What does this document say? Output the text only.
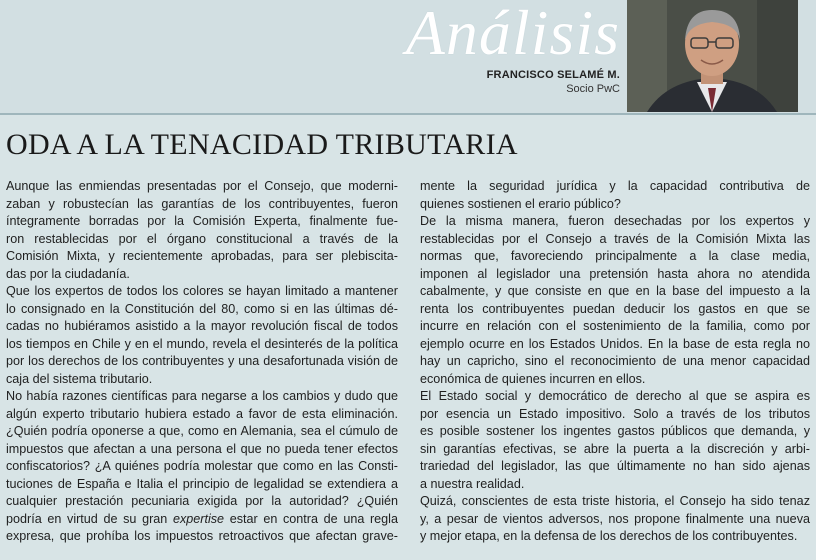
Análisis
FRANCISCO SELAMÉ M.
Socio PwC
ODA A LA TENACIDAD TRIBUTARIA
Aunque las enmiendas presentadas por el Consejo, que moderni-
zaban y robustecían las garantías de los contribuyentes, fueron
íntegramente borradas por la Comisión Experta, finalmente fue-
ron restablecidas por el órgano constitucional a través de la
Comisión Mixta, y recientemente aprobadas, para ser plebiscita-
das por la ciudadanía.
Que los expertos de todos los colores se hayan limitado a mantener
lo consignado en la Constitución del 80, como si en las últimas dé-
cadas no hubiéramos asistido a la mayor revolución fiscal de todos
los tiempos en Chile y en el mundo, revela el desinterés de la política
por los derechos de los contribuyentes y una desafortunada visión de
caja del sistema tributario.
No había razones científicas para negarse a los cambios y dudo que
algún experto tributario hubiera estado a favor de esta eliminación.
¿Quién podría oponerse a que, como en Alemania, sea el cúmulo de
impuestos que afectan a una persona el que no pueda tener efectos
confiscatorios? ¿A quiénes podría molestar que como en las Consti-
tuciones de España e Italia el principio de legalidad se extendiera a
cualquier prestación pecuniaria exigida por la autoridad? ¿Quién
podría en virtud de su gran expertise estar en contra de una regla
expresa, que prohíba los impuestos retroactivos que afectan grave-
mente la seguridad jurídica y la capacidad contributiva de
quienes sostienen el erario público?
De la misma manera, fueron desechadas por los expertos y
restablecidas por el Consejo a través de la Comisión Mixta las
normas que, favoreciendo principalmente a la clase media,
imponen al legislador una pretensión hasta ahora no atendida
cabalmente, y que consiste en que en la base del impuesto a la
renta los contribuyentes puedan deducir los gastos en que se
incurre en relación con el sostenimiento de la familia, como por
ejemplo ocurre en los Estados Unidos. En la base de esta regla no
hay un capricho, sino el reconocimiento de una menor capacidad
económica de quienes incurren en ellos.
El Estado social y democrático de derecho al que se aspira es
por esencia un Estado impositivo. Solo a través de los tributos
es posible sostener los ingentes gastos públicos que demanda, y
sin garantías efectivas, se abre la puerta a la discreción y arbi-
trariedad del legislador, las que últimamente no han sido ajenas
a nuestra realidad.
Quizá, conscientes de esta triste historia, el Consejo ha sido tenaz
y, a pesar de vientos adversos, nos propone finalmente una nueva
y mejor etapa, en la defensa de los derechos de los contribuyentes.
